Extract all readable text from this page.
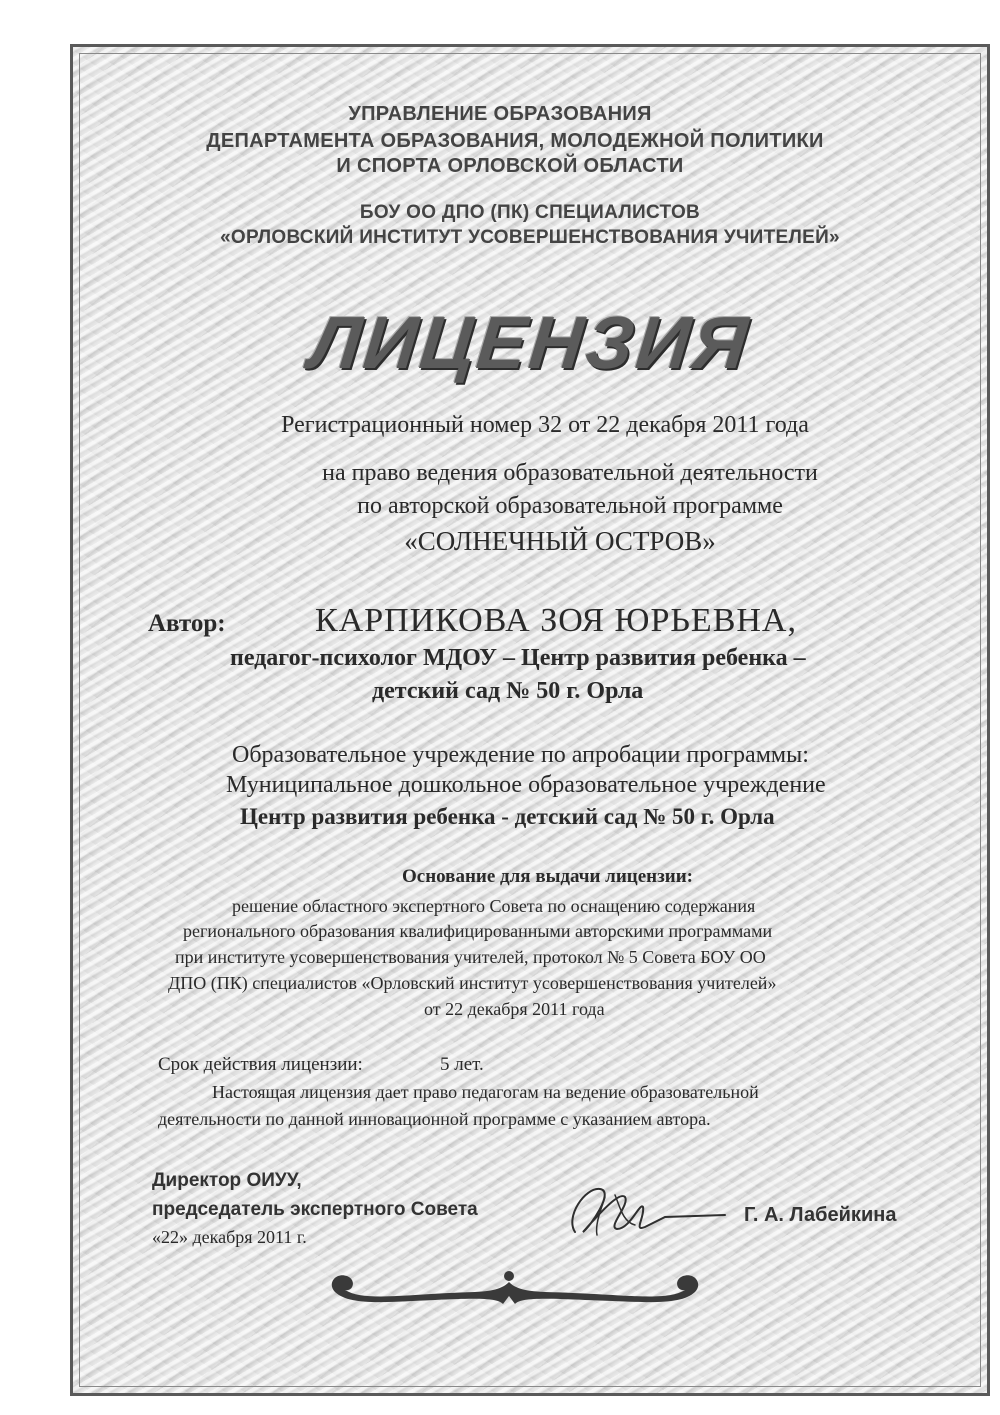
УПРАВЛЕНИЕ ОБРАЗОВАНИЯ
ДЕПАРТАМЕНТА ОБРАЗОВАНИЯ, МОЛОДЕЖНОЙ ПОЛИТИКИ
И СПОРТА ОРЛОВСКОЙ ОБЛАСТИ
БОУ ОО ДПО (ПК) СПЕЦИАЛИСТОВ
«ОРЛОВСКИЙ ИНСТИТУТ УСОВЕРШЕНСТВОВАНИЯ УЧИТЕЛЕЙ»
ЛИЦЕНЗИЯ
Регистрационный номер 32 от 22 декабря 2011 года
на право ведения образовательной деятельности
по авторской образовательной программе
«СОЛНЕЧНЫЙ ОСТРОВ»
Автор:	КАРПИКОВА ЗОЯ ЮРЬЕВНА,
педагог-психолог МДОУ – Центр развития ребенка –
детский сад № 50 г. Орла
Образовательное учреждение по апробации программы:
Муниципальное дошкольное образовательное учреждение
Центр развития ребенка - детский сад № 50 г. Орла
Основание для выдачи лицензии:
решение областного экспертного Совета по оснащению содержания
регионального образования квалифицированными авторскими программами
при институте усовершенствования учителей, протокол № 5 Совета БОУ ОО
ДПО (ПК) специалистов «Орловский институт усовершенствования учителей»
от 22 декабря 2011 года
Срок действия лицензии:	5 лет.
Настоящая лицензия дает право педагогам на ведение образовательной
деятельности по данной инновационной программе с указанием автора.
Директор ОИУУ,
председатель экспертного Совета
«22» декабря 2011 г.
Г. А. Лабейкина
